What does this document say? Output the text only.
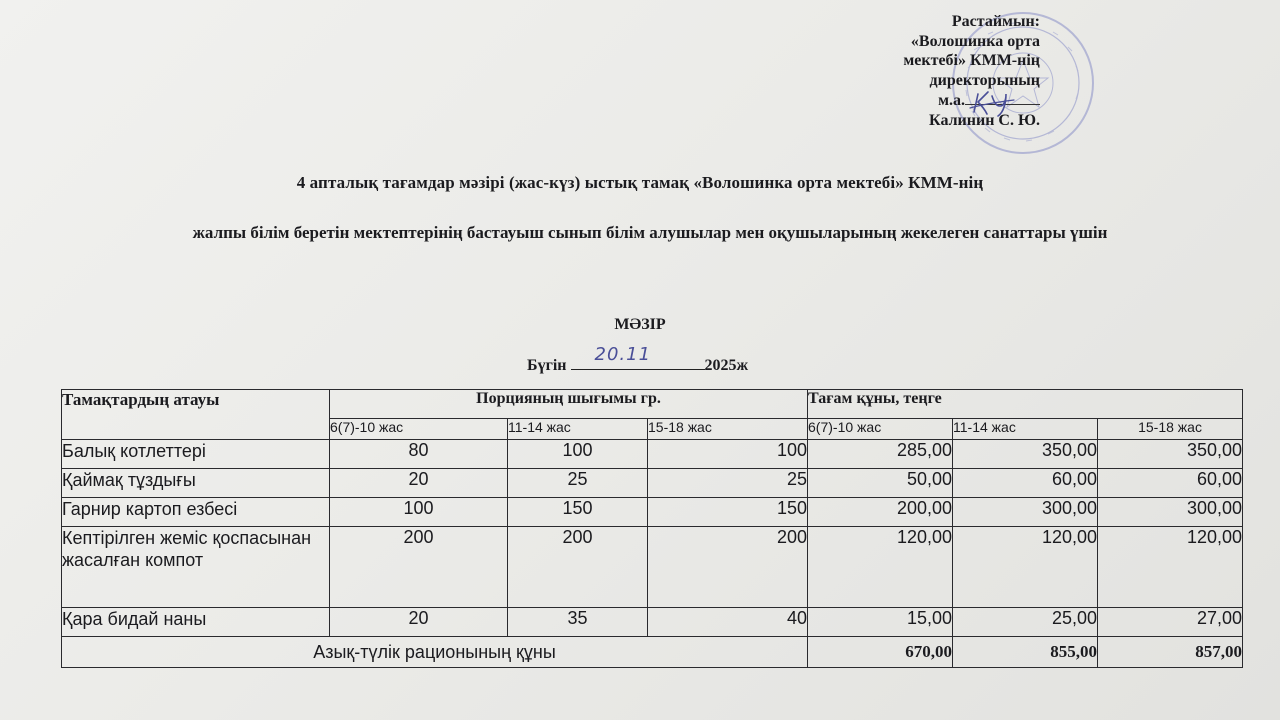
Растаймын:
«Волошинка орта
мектебі» КММ-нің
директорының
м.а.
Калинин С. Ю.
4 апталық тағамдар мәзірі (жас-күз) ыстық тамақ «Волошинка орта мектебі» КММ-нің
жалпы білім беретін мектептерінің бастауыш сынып білім алушылар мен оқушыларының жекелеген санаттары үшін
МӘЗІР
Бүгін
20.11
2025ж
Тамақтардың атауы	Порцияның шығымы гр.			Тағам құны, теңге		
	6(7)-10 жас	11-14 жас	15-18 жас	6(7)-10 жас	11-14 жас	15-18 жас
Балық котлеттері	80	100	100	285,00	350,00	350,00
Қаймақ тұздығы	20	25	25	50,00	60,00	60,00
Гарнир картоп езбесі	100	150	150	200,00	300,00	300,00
Кептірілген жеміс қоспасынан жасалған компот	200	200	200	120,00	120,00	120,00
Қара бидай наны	20	35	40	15,00	25,00	27,00
Азық-түлік рационының құны				670,00	855,00	857,00
